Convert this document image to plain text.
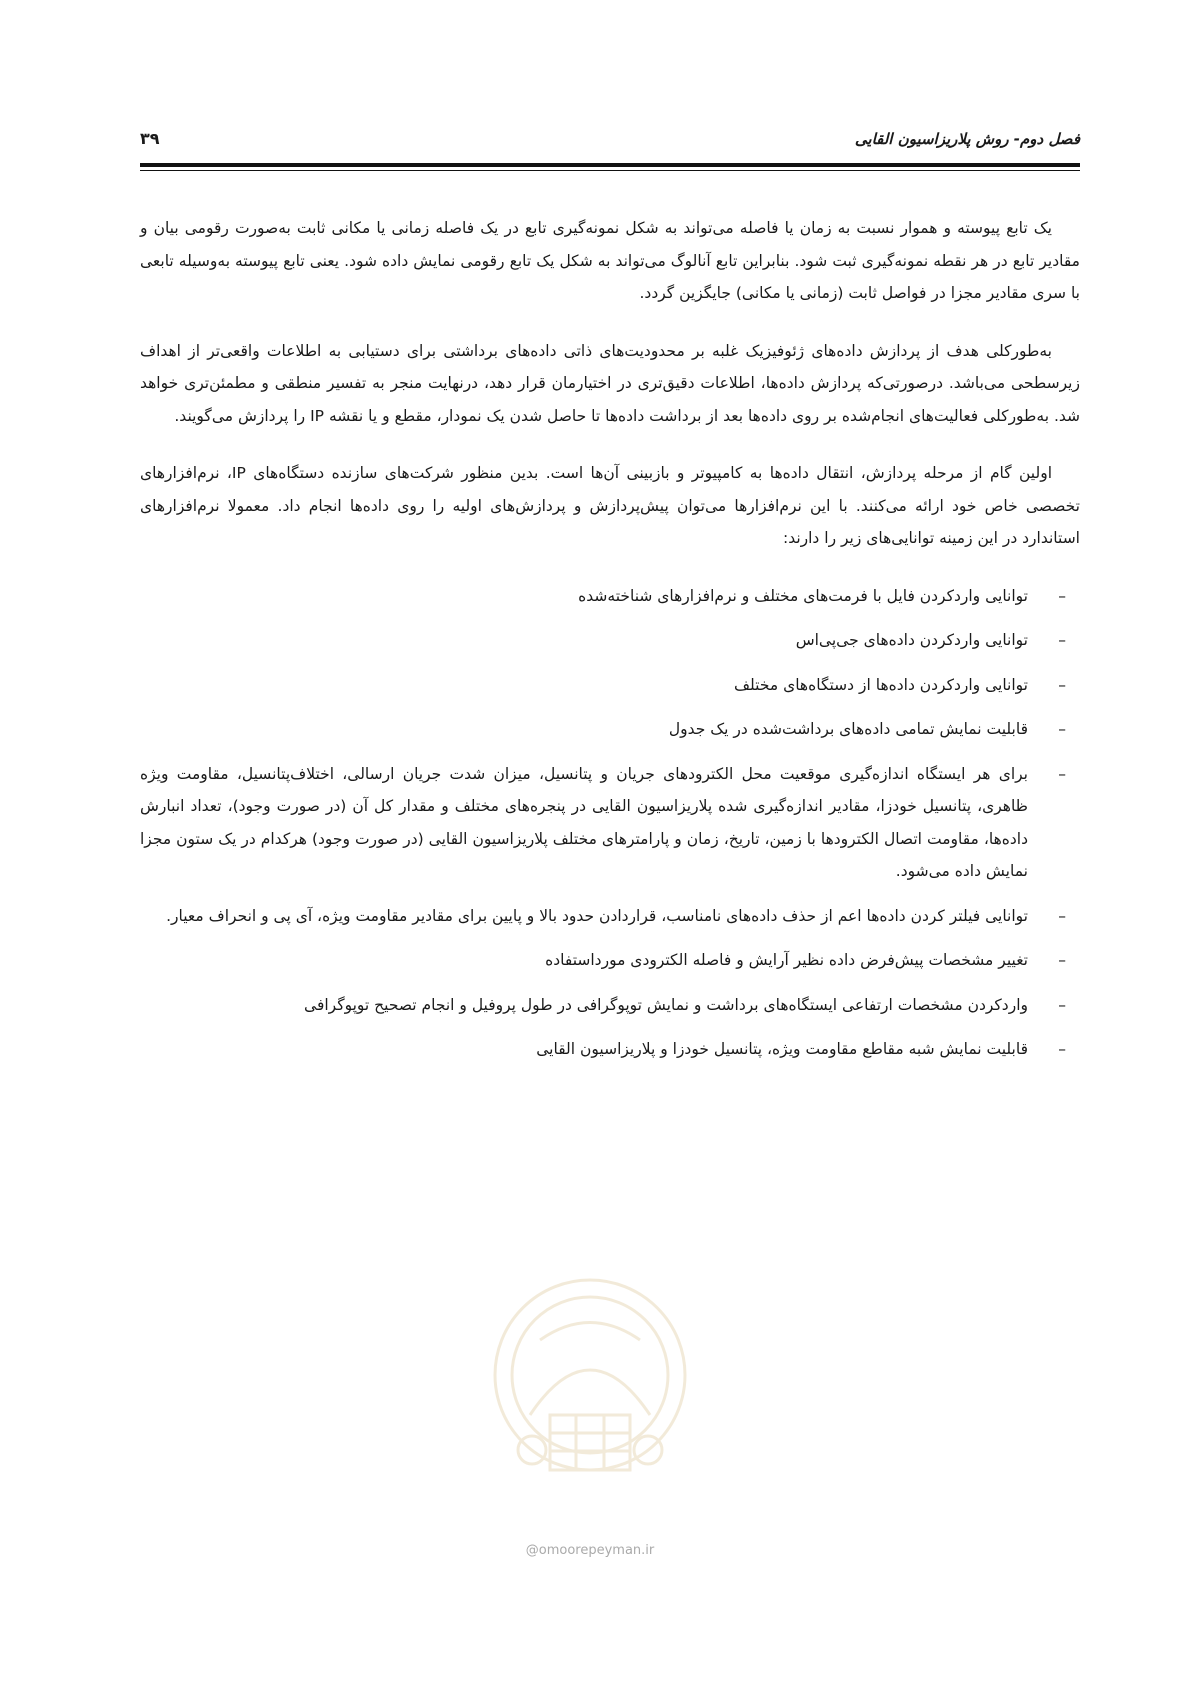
فصل دوم- روش پلاریزاسیون القایی
۳۹

یک تابع پیوسته و هموار نسبت به زمان یا فاصله می‌تواند به شکل نمونه‌گیری تابع در یک فاصله زمانی یا مکانی ثابت به‌صورت رقومی بیان و مقادیر تابع در هر نقطه نمونه‌گیری ثبت شود. بنابراین تابع آنالوگ می‌تواند به شکل یک تابع رقومی نمایش داده شود. یعنی تابع پیوسته به‌وسیله تابعی با سری مقادیر مجزا در فواصل ثابت (زمانی یا مکانی) جایگزین گردد.

به‌طورکلی هدف از پردازش داده‌های ژئوفیزیک غلبه بر محدودیت‌های ذاتی داده‌های برداشتی برای دستیابی به اطلاعات واقعی‌تر از اهداف زیرسطحی می‌باشد. درصورتی‌که پردازش داده‌ها، اطلاعات دقیق‌تری در اختیارمان قرار دهد، درنهایت منجر به تفسیر منطقی و مطمئن‌تری خواهد شد. به‌طورکلی فعالیت‌های انجام‌شده بر روی داده‌ها بعد از برداشت داده‌ها تا حاصل شدن یک نمودار، مقطع و یا نقشه IP را پردازش می‌گویند.

اولین گام از مرحله پردازش، انتقال داده‌ها به کامپیوتر و بازبینی آن‌ها است. بدین منظور شرکت‌های سازنده دستگاه‌های IP، نرم‌افزارهای تخصصی خاص خود ارائه می‌کنند. با این نرم‌افزارها می‌توان پیش‌پردازش و پردازش‌های اولیه را روی داده‌ها انجام داد. معمولا نرم‌افزارهای استاندارد در این زمینه توانایی‌های زیر را دارند:

–
توانایی واردکردن فایل با فرمت‌های مختلف و نرم‌افزارهای شناخته‌شده
–
توانایی واردکردن داده‌های جی‌پی‌اس
–
توانایی واردکردن داده‌ها از دستگاه‌های مختلف
–
قابلیت نمایش تمامی داده‌های برداشت‌شده در یک جدول
–
برای هر ایستگاه اندازه‌گیری موقعیت محل الکترودهای جریان و پتانسیل، میزان شدت جریان ارسالی، اختلاف‌پتانسیل، مقاومت ویژه ظاهری، پتانسیل خودزا، مقادیر اندازه‌گیری شده پلاریزاسیون القایی در پنجره‌های مختلف و مقدار کل آن (در صورت وجود)، تعداد انبارش داده‌ها، مقاومت اتصال الکترودها با زمین، تاریخ، زمان و پارامترهای مختلف پلاریزاسیون القایی (در صورت وجود) هرکدام در یک ستون مجزا نمایش داده می‌شود.
–
توانایی فیلتر کردن داده‌ها اعم از حذف داده‌های نامناسب، قراردادن حدود بالا و پایین برای مقادیر مقاومت ویژه، آی پی و انحراف معیار.
–
تغییر مشخصات پیش‌فرض داده نظیر آرایش و فاصله الکترودی مورداستفاده
–
واردکردن مشخصات ارتفاعی ایستگاه‌های برداشت و نمایش توپوگرافی در طول پروفیل و انجام تصحیح توپوگرافی
–
قابلیت نمایش شبه مقاطع مقاومت ویژه، پتانسیل خودزا و پلاریزاسیون القایی
@omoorepeyman.ir
